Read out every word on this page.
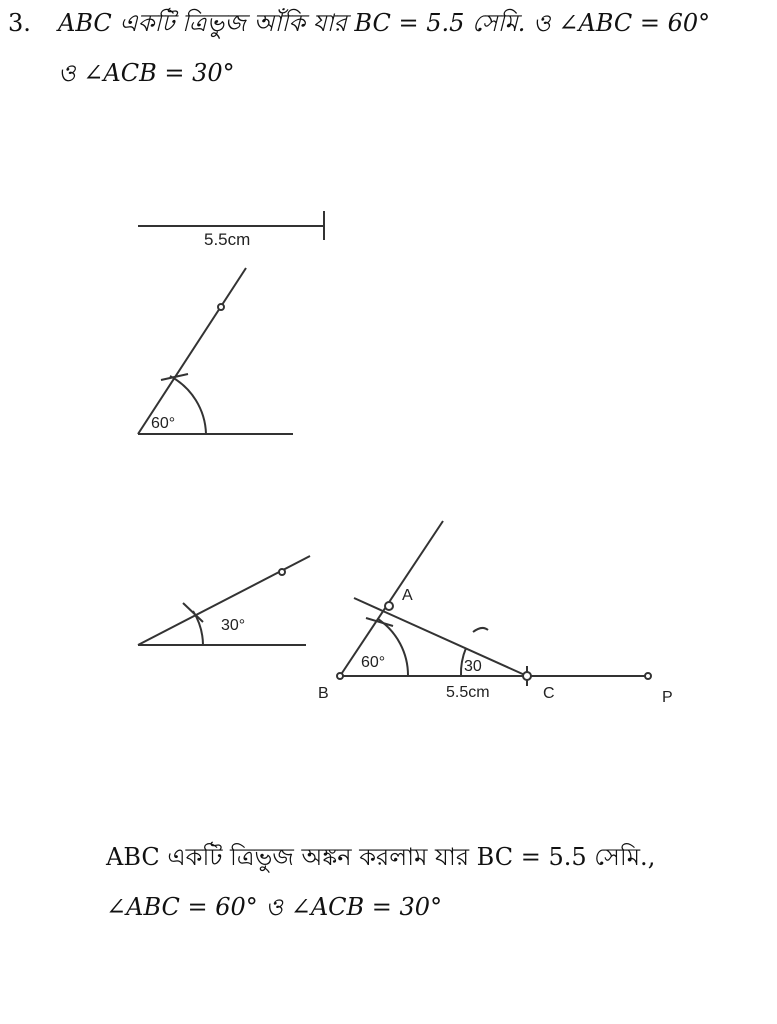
3. ABC একটি ত্রিভুজ আঁকি যার BC = 5.5 সেমি. ও ∠ABC = 60°
ও ∠ACB = 30°
5.5cm
60°
30°
A
B	C	P
60°	30
5.5cm
ABC একটি ত্রিভুজ অঙ্কন করলাম যার BC = 5.5 সেমি.,
∠ABC = 60° ও ∠ACB = 30°
